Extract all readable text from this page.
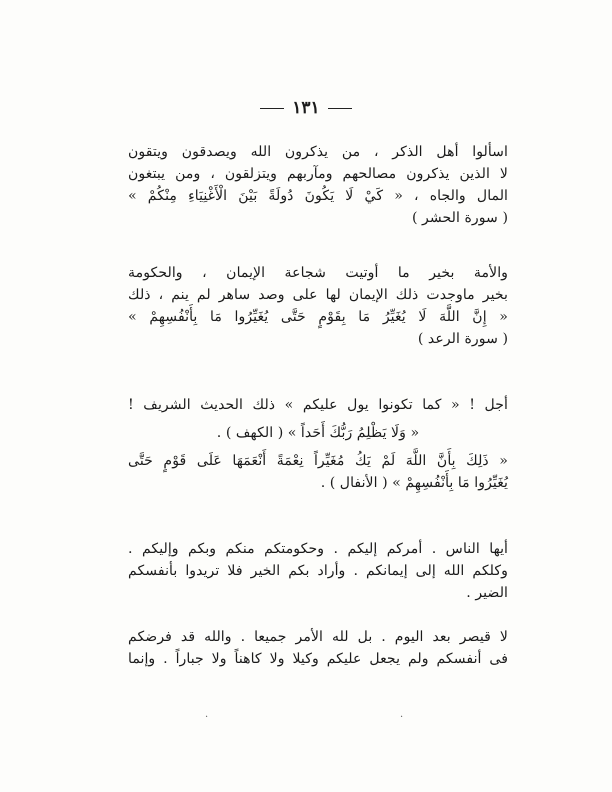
١٣١
اسألوا أهل الذكر ، من يذكرون الله ويصدقون ويتقون
لا الذين يذكرون مصالحهم ومآربهم ويتزلقون ، ومن يبتغون
المال والجاه ، « كَيْ لَا يَكُونَ دُولَةً بَيْنَ الْأَغْنِيَاءِ مِنْكُمْ »
( سورة الحشر )
والأمة بخير ما أوتيت شجاعة الإيمان ، والحكومة
بخير ماوجدت ذلك الإيمان لها على وصد ساهر لم ينم ، ذلك
« إِنَّ اللَّهَ لَا يُغَيِّرُ مَا بِقَوْمٍ حَتَّى يُغَيِّرُوا مَا بِأَنْفُسِهِمْ »
( سورة الرعد )
أجل ! « كما تكونوا يول عليكم » ذلك الحديث الشريف !
« وَلَا يَظْلِمُ رَبُّكَ أَحَداً » ( الكهف ) .
« ذَلِكَ بِأَنَّ اللَّهَ لَمْ يَكُ مُغَيِّراً نِعْمَةً أَنْعَمَهَا عَلَى قَوْمٍ حَتَّى
يُغَيِّرُوا مَا بِأَنْفُسِهِمْ » ( الأنفال ) .
أيها الناس . أمركم إليكم . وحكومتكم منكم وبكم وإليكم .
وكلكم الله إلى إيمانكم . وأراد بكم الخير فلا تريدوا بأنفسكم
الضير .
لا قيصر بعد اليوم . بل لله الأمر جميعا . والله قد فرضكم
فى أنفسكم ولم يجعل عليكم وكيلا ولا كاهناً ولا جباراً . وإنما
·	·
